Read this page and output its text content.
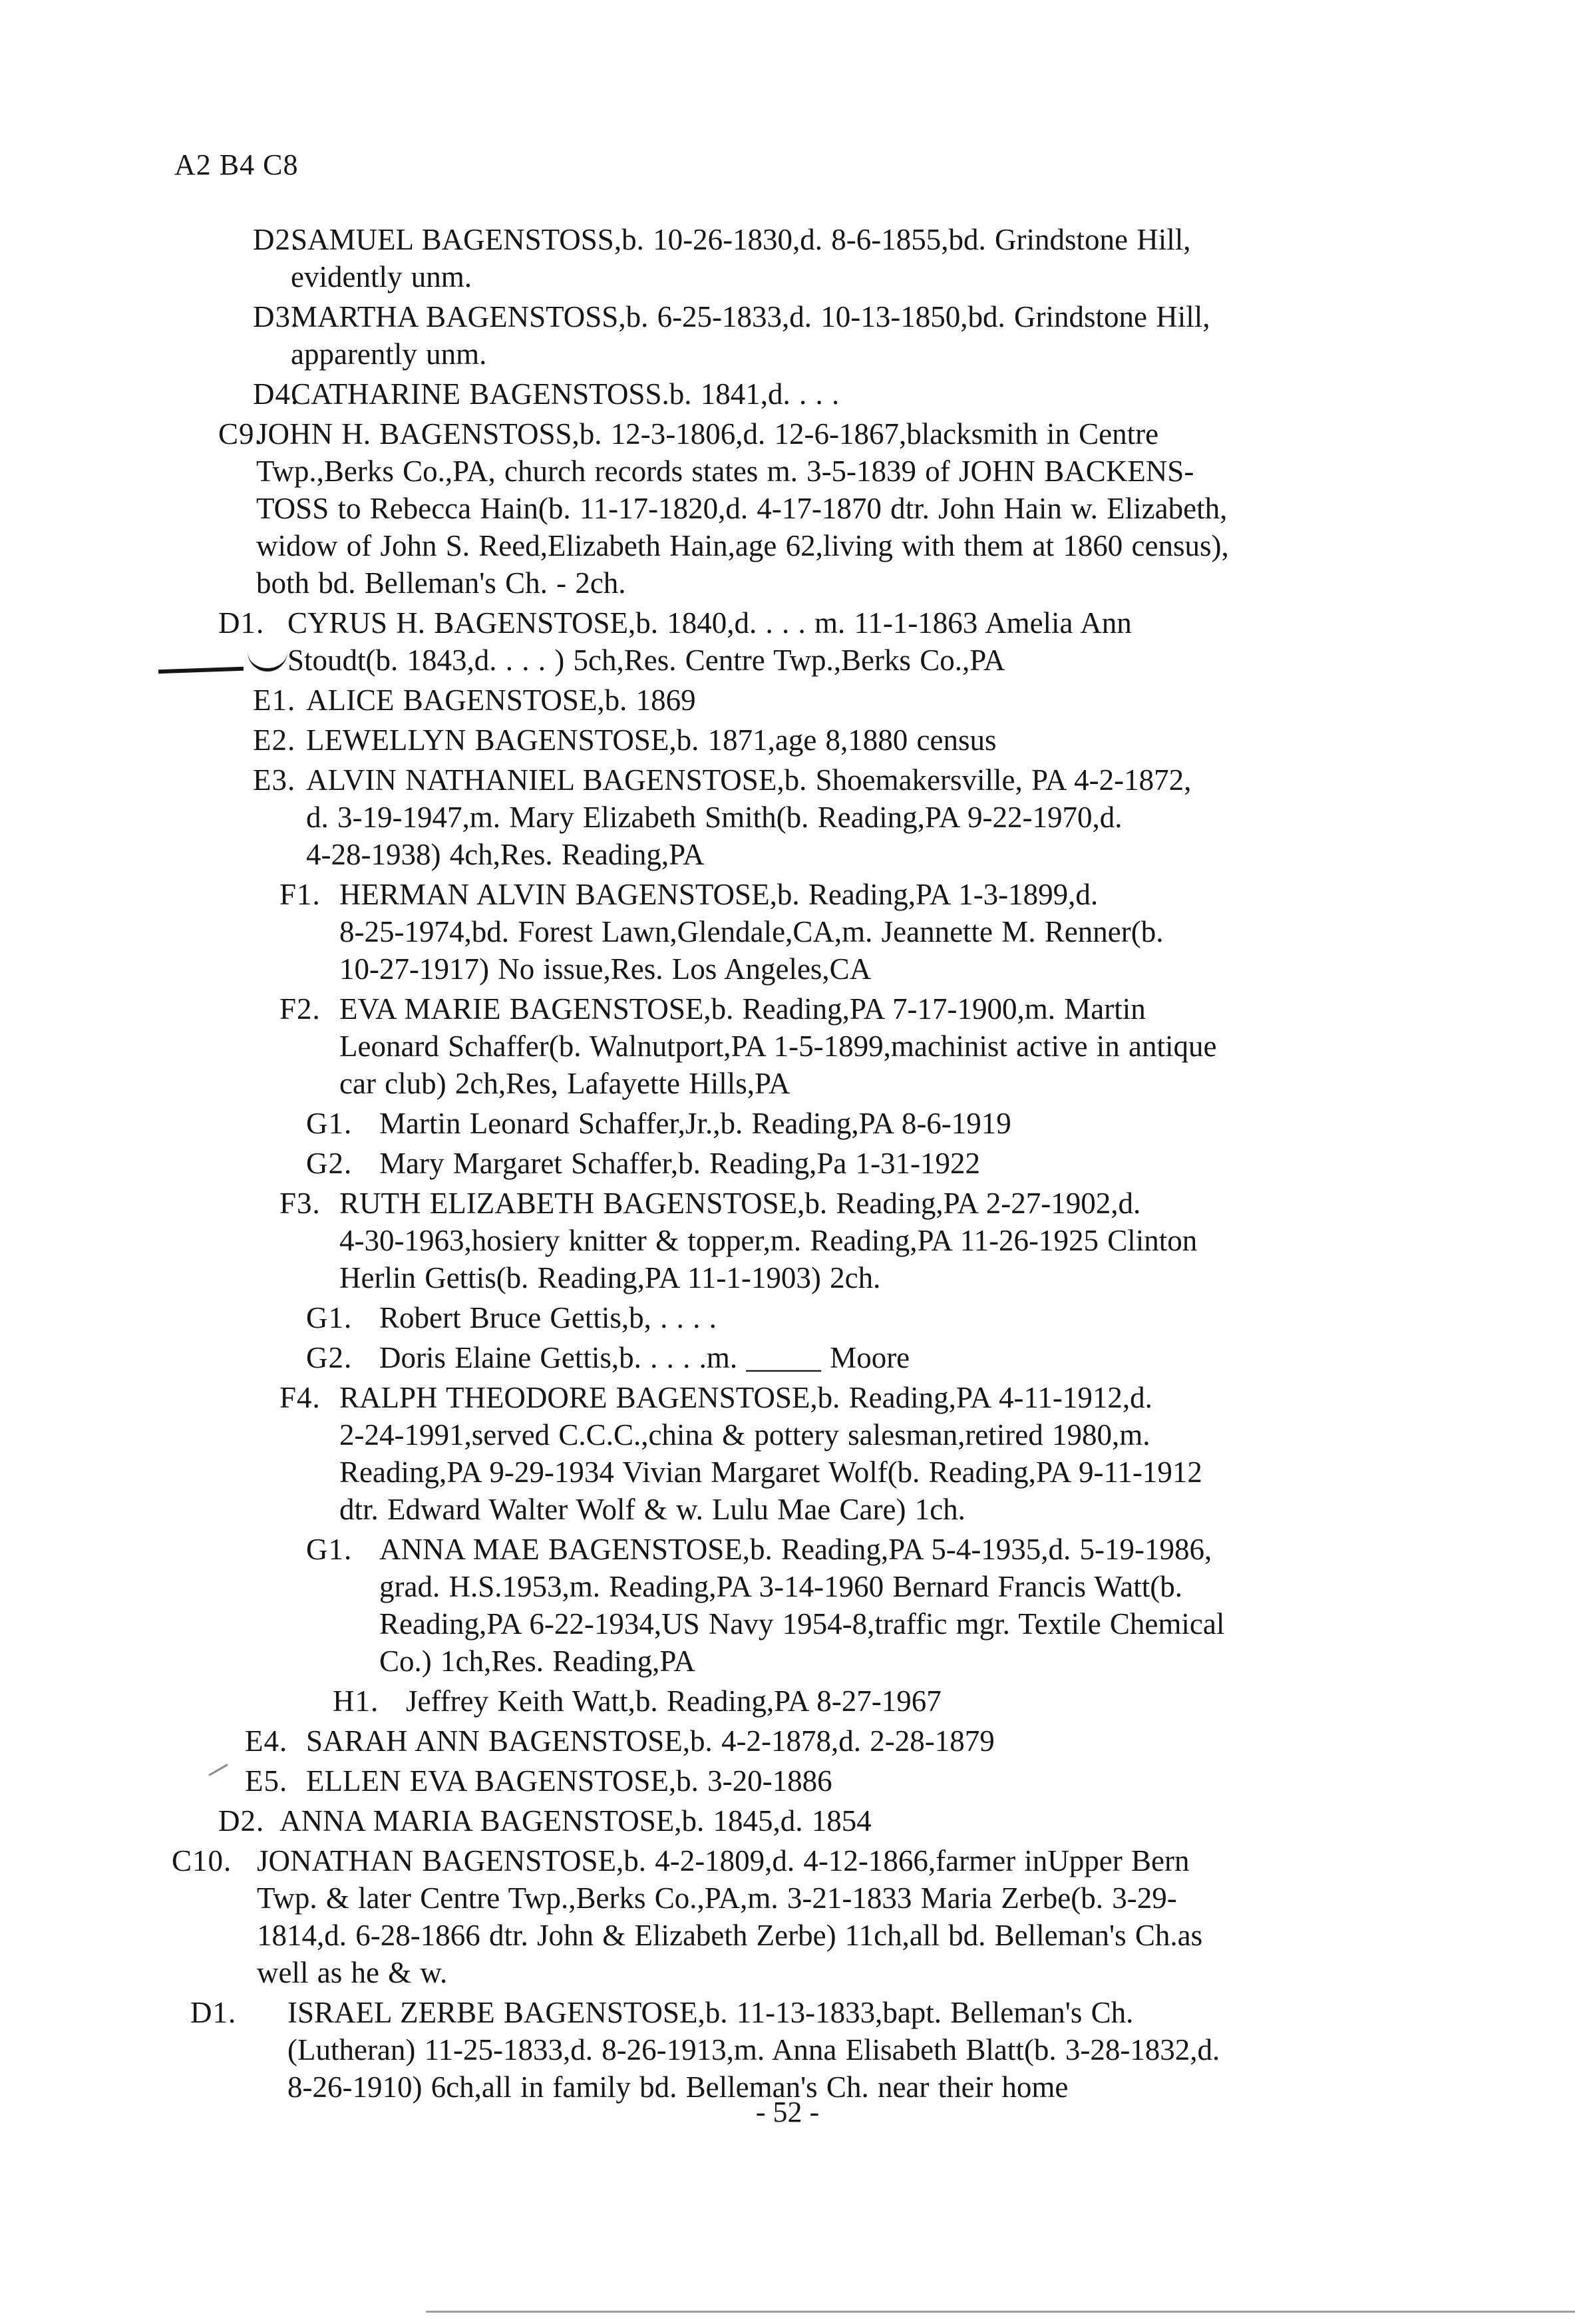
A2 B4 C8
D2.
SAMUEL BAGENSTOSS,b. 10-26-1830,d. 8-6-1855,bd. Grindstone Hill,
evidently unm.
D3.
MARTHA BAGENSTOSS,b. 6-25-1833,d. 10-13-1850,bd. Grindstone Hill,
apparently unm.
D4.
CATHARINE BAGENSTOSS.b. 1841,d. . . .
C9.
JOHN H. BAGENSTOSS,b. 12-3-1806,d. 12-6-1867,blacksmith in Centre
Twp.,Berks Co.,PA, church records states m. 3-5-1839 of JOHN BACKENS-
TOSS to Rebecca Hain(b. 11-17-1820,d. 4-17-1870 dtr. John Hain w. Elizabeth,
widow of John S. Reed,Elizabeth Hain,age 62,living with them at 1860 census),
both bd. Belleman's Ch. - 2ch.
D1. CYRUS H. BAGENSTOSE,b. 1840,d. . . . m. 11-1-1863 Amelia Ann
Stoudt(b. 1843,d. . . . ) 5ch,Res. Centre Twp.,Berks Co.,PA
E1. ALICE BAGENSTOSE,b. 1869
E2. LEWELLYN BAGENSTOSE,b. 1871,age 8,1880 census
E3. ALVIN NATHANIEL BAGENSTOSE,b. Shoemakersville, PA 4-2-1872,
d. 3-19-1947,m. Mary Elizabeth Smith(b. Reading,PA 9-22-1970,d.
4-28-1938) 4ch,Res. Reading,PA
F1. HERMAN ALVIN BAGENSTOSE,b. Reading,PA 1-3-1899,d.
8-25-1974,bd. Forest Lawn,Glendale,CA,m. Jeannette M. Renner(b.
10-27-1917) No issue,Res. Los Angeles,CA
F2. EVA MARIE BAGENSTOSE,b. Reading,PA 7-17-1900,m. Martin
Leonard Schaffer(b. Walnutport,PA 1-5-1899,machinist active in antique
car club) 2ch,Res, Lafayette Hills,PA
G1. Martin Leonard Schaffer,Jr.,b. Reading,PA 8-6-1919
G2. Mary Margaret Schaffer,b. Reading,Pa 1-31-1922
F3. RUTH ELIZABETH BAGENSTOSE,b. Reading,PA 2-27-1902,d.
4-30-1963,hosiery knitter & topper,m. Reading,PA 11-26-1925 Clinton
Herlin Gettis(b. Reading,PA 11-1-1903) 2ch.
G1. Robert Bruce Gettis,b, . . . .
G2. Doris Elaine Gettis,b. . . . .m. _____ Moore
F4. RALPH THEODORE BAGENSTOSE,b. Reading,PA 4-11-1912,d.
2-24-1991,served C.C.C.,china & pottery salesman,retired 1980,m.
Reading,PA 9-29-1934 Vivian Margaret Wolf(b. Reading,PA 9-11-1912
dtr. Edward Walter Wolf & w. Lulu Mae Care) 1ch.
G1. ANNA MAE BAGENSTOSE,b. Reading,PA 5-4-1935,d. 5-19-1986,
grad. H.S.1953,m. Reading,PA 3-14-1960 Bernard Francis Watt(b.
Reading,PA 6-22-1934,US Navy 1954-8,traffic mgr. Textile Chemical
Co.) 1ch,Res. Reading,PA
H1. Jeffrey Keith Watt,b. Reading,PA 8-27-1967
E4. SARAH ANN BAGENSTOSE,b. 4-2-1878,d. 2-28-1879
E5. ELLEN EVA BAGENSTOSE,b. 3-20-1886
D2. ANNA MARIA BAGENSTOSE,b. 1845,d. 1854
C10. JONATHAN BAGENSTOSE,b. 4-2-1809,d. 4-12-1866,farmer inUpper Bern
Twp. & later Centre Twp.,Berks Co.,PA,m. 3-21-1833 Maria Zerbe(b. 3-29-
1814,d. 6-28-1866 dtr. John & Elizabeth Zerbe) 11ch,all bd. Belleman's Ch.as
well as he & w.
D1. ISRAEL ZERBE BAGENSTOSE,b. 11-13-1833,bapt. Belleman's Ch.
(Lutheran) 11-25-1833,d. 8-26-1913,m. Anna Elisabeth Blatt(b. 3-28-1832,d.
8-26-1910) 6ch,all in family bd. Belleman's Ch. near their home
- 52 -
